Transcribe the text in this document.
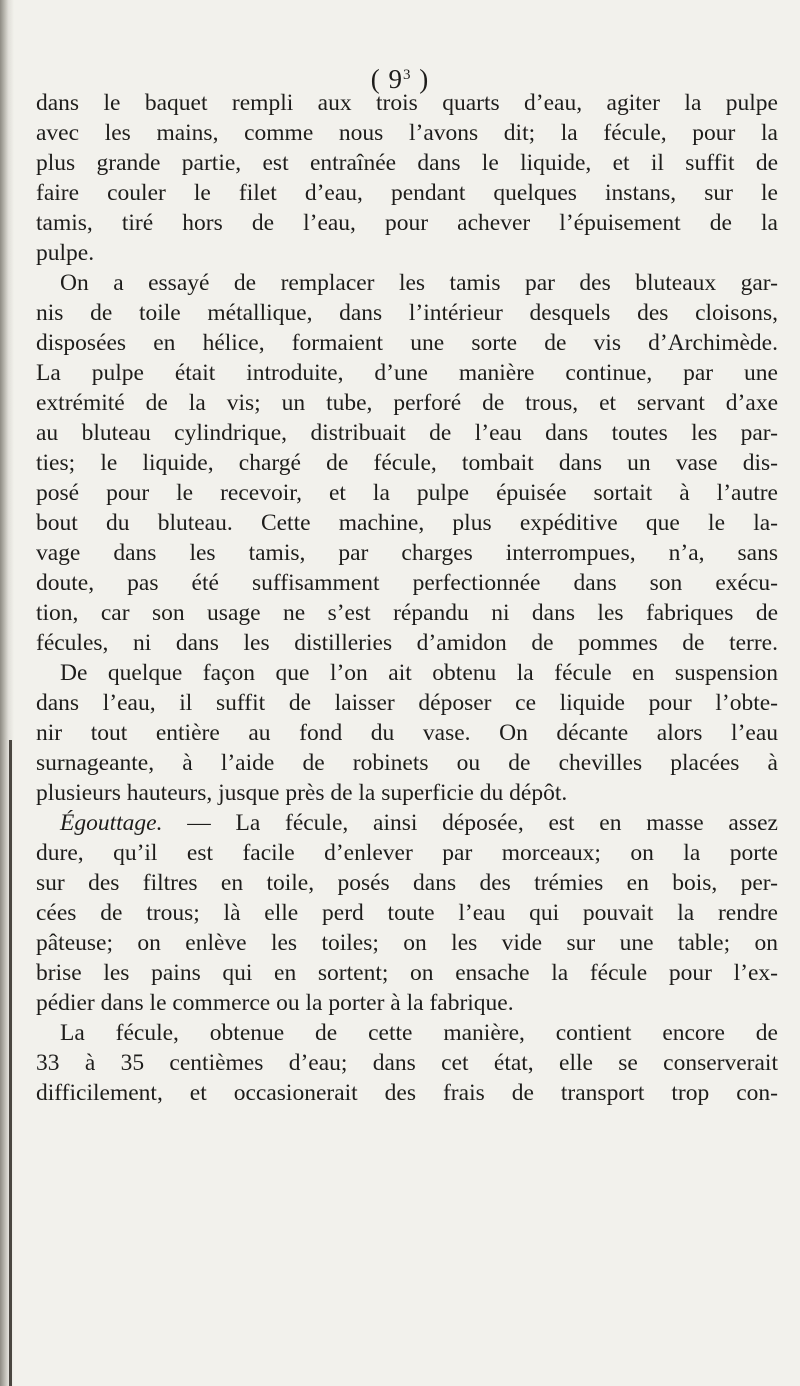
( $9^3$ )
dans le baquet rempli aux trois quarts d’eau, agiter la pulpe
avec les mains, comme nous l’avons dit; la fécule, pour la
plus grande partie, est entraînée dans le liquide, et il suffit de
faire couler le filet d’eau, pendant quelques instans, sur le
tamis, tiré hors de l’eau, pour achever l’épuisement de la
pulpe.
On a essayé de remplacer les tamis par des bluteaux gar-
nis de toile métallique, dans l’intérieur desquels des cloisons,
disposées en hélice, formaient une sorte de vis d’Archimède.
La pulpe était introduite, d’une manière continue, par une
extrémité de la vis; un tube, perforé de trous, et servant d’axe
au bluteau cylindrique, distribuait de l’eau dans toutes les par-
ties; le liquide, chargé de fécule, tombait dans un vase dis-
posé pour le recevoir, et la pulpe épuisée sortait à l’autre
bout du bluteau. Cette machine, plus expéditive que le la-
vage dans les tamis, par charges interrompues, n’a, sans
doute, pas été suffisamment perfectionnée dans son exécu-
tion, car son usage ne s’est répandu ni dans les fabriques de
fécules, ni dans les distilleries d’amidon de pommes de terre.
De quelque façon que l’on ait obtenu la fécule en suspension
dans l’eau, il suffit de laisser déposer ce liquide pour l’obte-
nir tout entière au fond du vase. On décante alors l’eau
surnageante, à l’aide de robinets ou de chevilles placées à
plusieurs hauteurs, jusque près de la superficie du dépôt.
Égouttage. — La fécule, ainsi déposée, est en masse assez
dure, qu’il est facile d’enlever par morceaux; on la porte
sur des filtres en toile, posés dans des trémies en bois, per-
cées de trous; là elle perd toute l’eau qui pouvait la rendre
pâteuse; on enlève les toiles; on les vide sur une table; on
brise les pains qui en sortent; on ensache la fécule pour l’ex-
pédier dans le commerce ou la porter à la fabrique.
La fécule, obtenue de cette manière, contient encore de
33 à 35 centièmes d’eau; dans cet état, elle se conserverait
difficilement, et occasionerait des frais de transport trop con-
